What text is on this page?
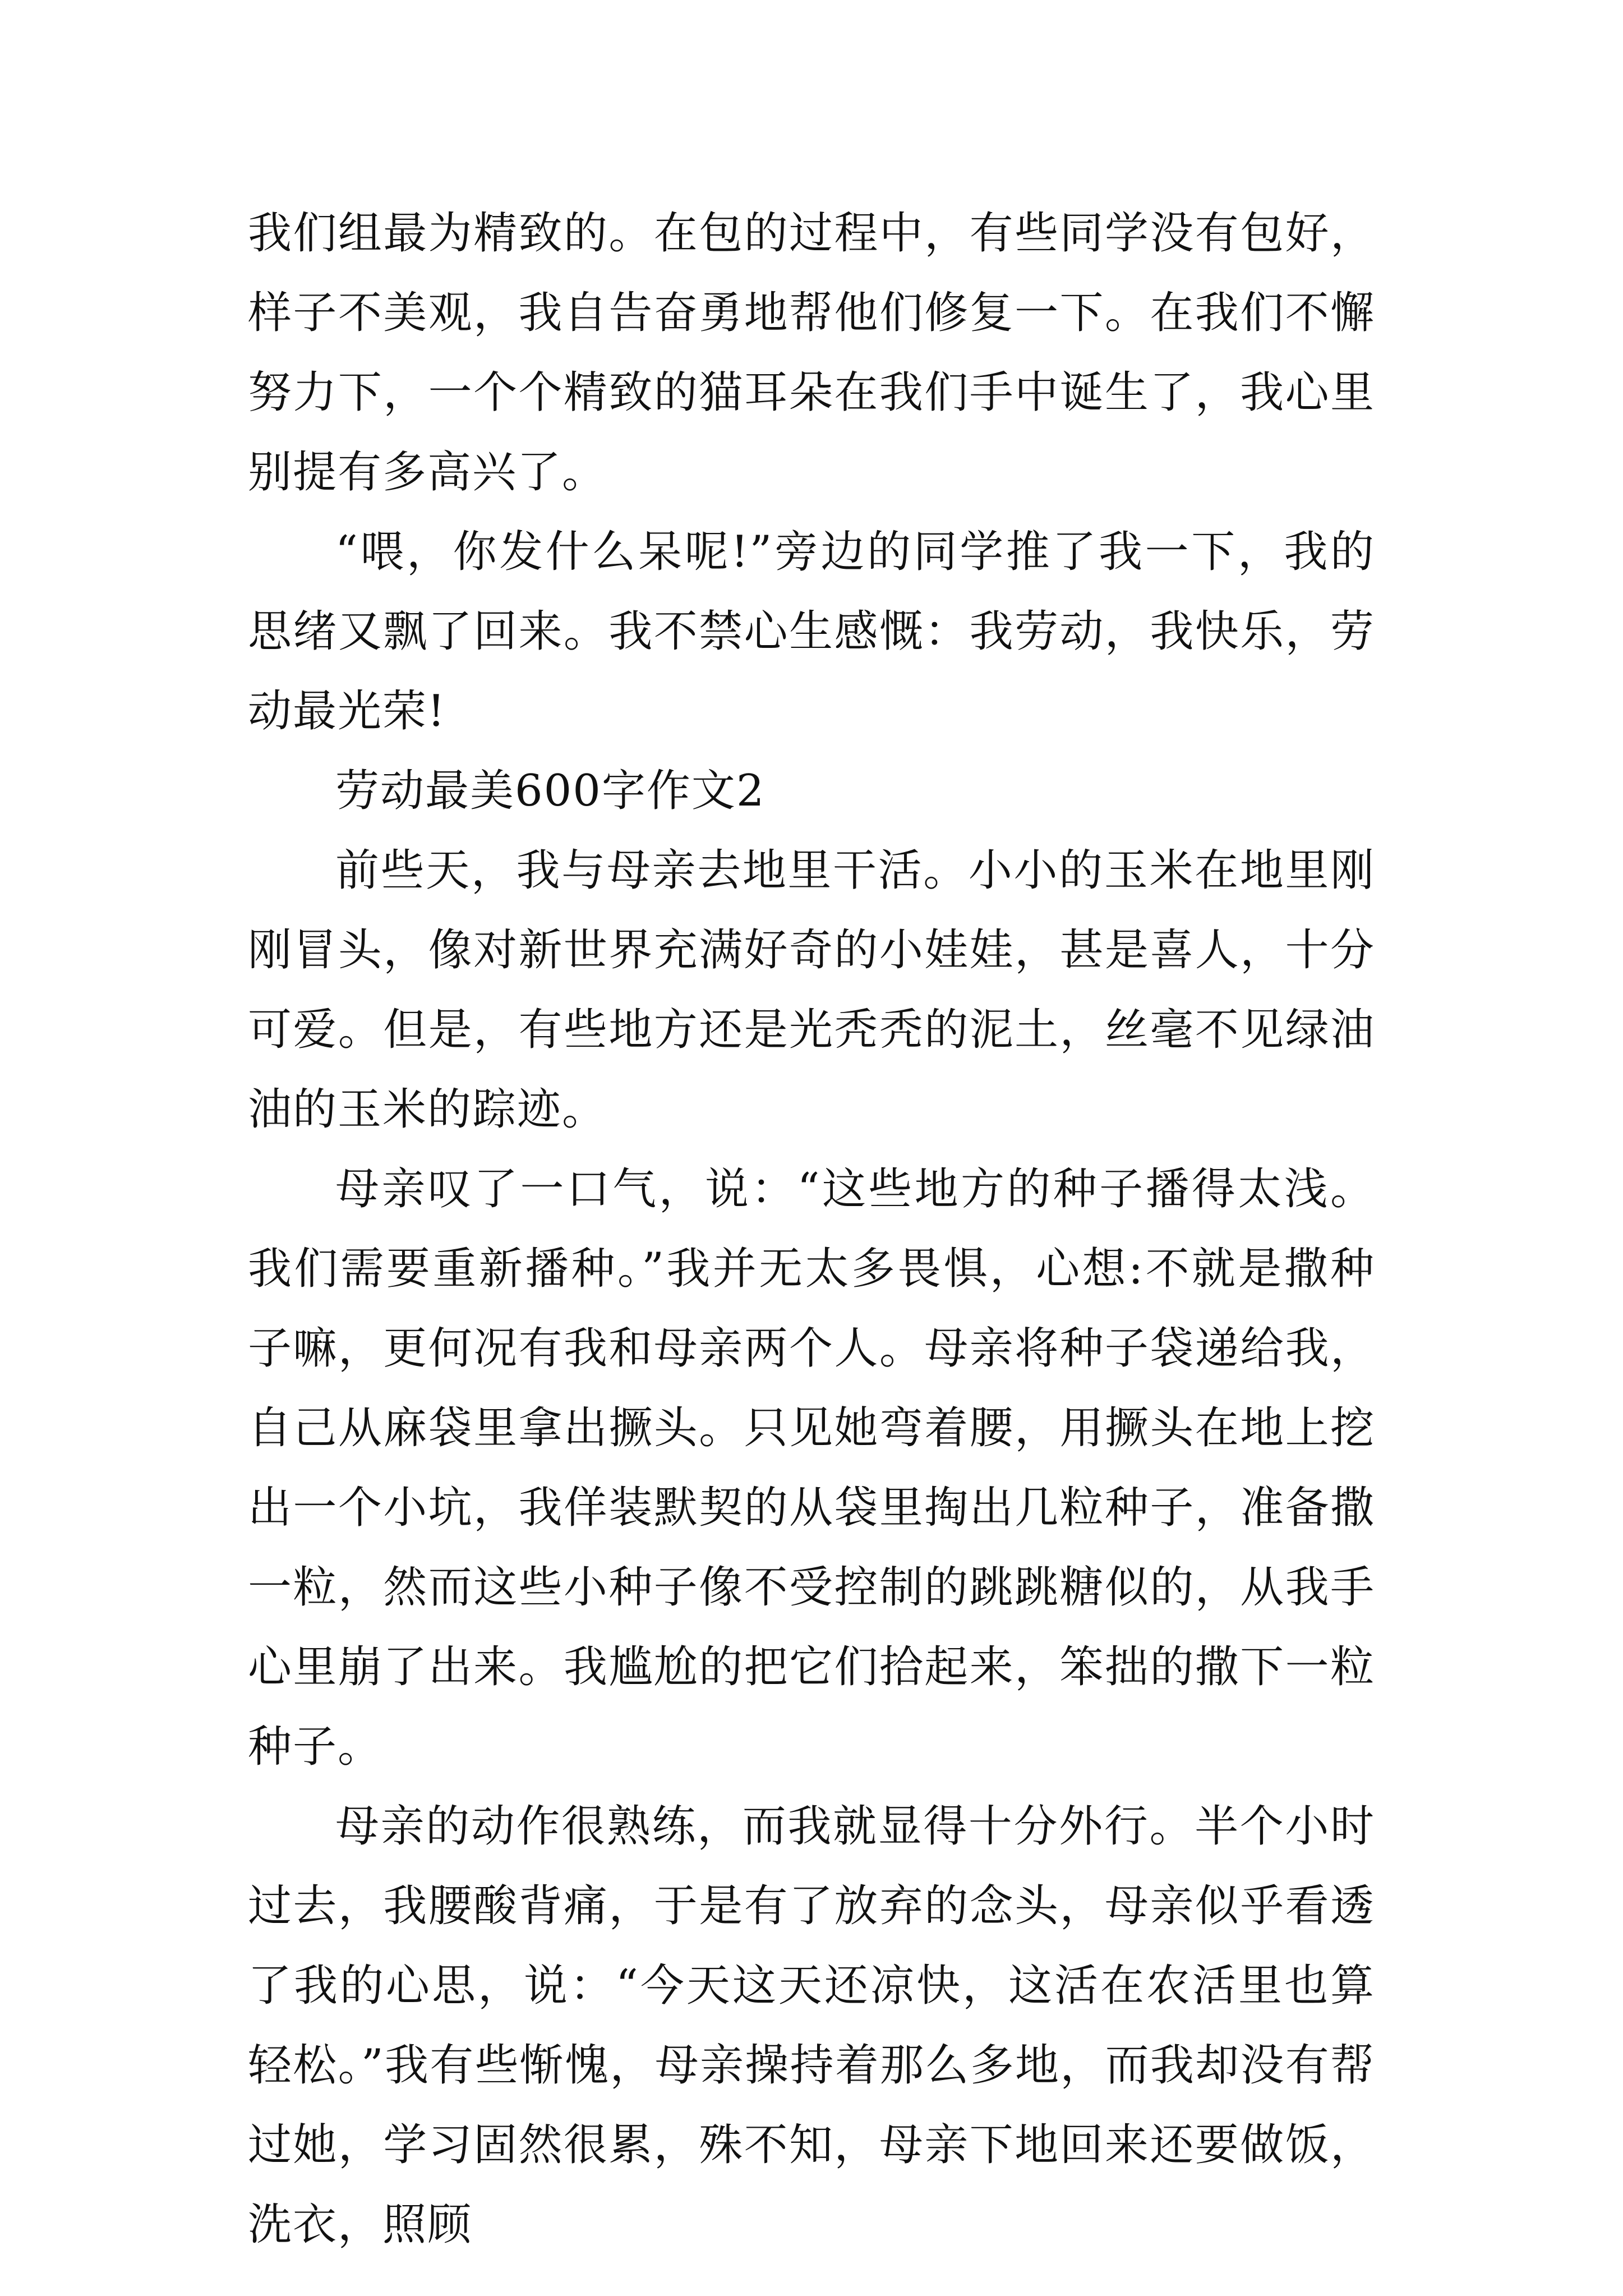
我们组最为精致的。在包的过程中，有些同学没有包好，样子不美观，我自告奋勇地帮他们修复一下。在我们不懈努力下，一个个精致的猫耳朵在我们手中诞生了，我心里别提有多高兴了。

“喂，你发什么呆呢!”旁边的同学推了我一下，我的思绪又飘了回来。我不禁心生感慨：我劳动，我快乐，劳动最光荣!

劳动最美600字作文2

前些天，我与母亲去地里干活。小小的玉米在地里刚刚冒头，像对新世界充满好奇的小娃娃，甚是喜人，十分可爱。但是，有些地方还是光秃秃的泥土，丝毫不见绿油油的玉米的踪迹。

母亲叹了一口气，说：“这些地方的种子播得太浅。我们需要重新播种。”我并无太多畏惧，心想:不就是撒种子嘛，更何况有我和母亲两个人。母亲将种子袋递给我，自己从麻袋里拿出撅头。只见她弯着腰，用撅头在地上挖出一个小坑，我佯装默契的从袋里掏出几粒种子，准备撒一粒，然而这些小种子像不受控制的跳跳糖似的，从我手心里崩了出来。我尴尬的把它们拾起来，笨拙的撒下一粒种子。

母亲的动作很熟练，而我就显得十分外行。半个小时过去，我腰酸背痛，于是有了放弃的念头，母亲似乎看透了我的心思，说：“今天这天还凉快，这活在农活里也算轻松。”我有些惭愧，母亲操持着那么多地，而我却没有帮过她，学习固然很累，殊不知，母亲下地回来还要做饭，洗衣，照顾
